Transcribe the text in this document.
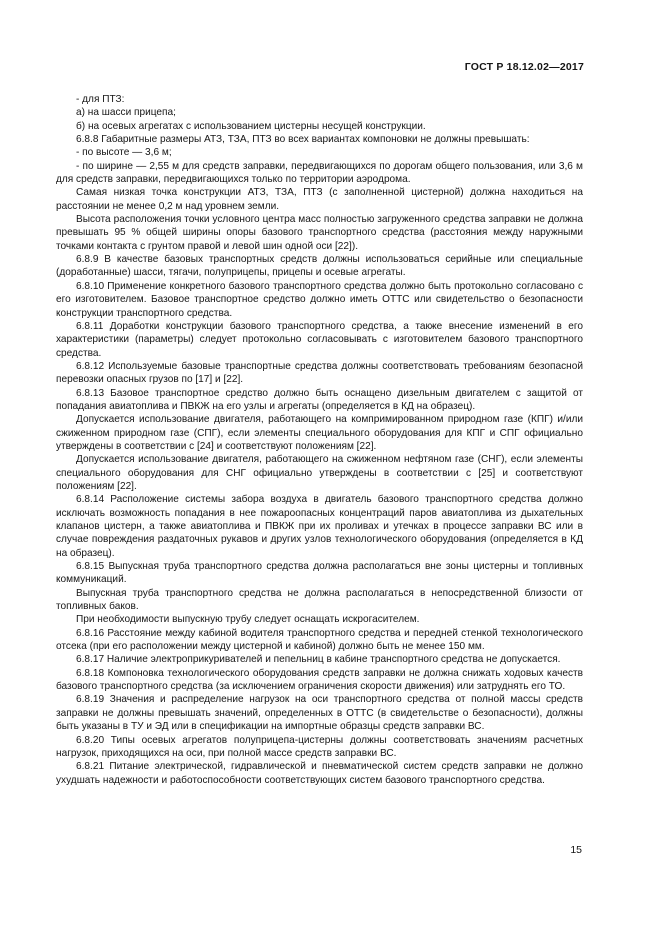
ГОСТ Р 18.12.02—2017

- для ПТЗ:

а) на шасси прицепа;

б) на осевых агрегатах с использованием цистерны несущей конструкции.

6.8.8 Габаритные размеры АТЗ, ТЗА, ПТЗ во всех вариантах компоновки не должны превышать:

- по высоте — 3,6 м;

- по ширине — 2,55 м для средств заправки, передвигающихся по дорогам общего пользования, или 3,6 м для средств заправки, передвигающихся только по территории аэродрома.

Самая низкая точка конструкции АТЗ, ТЗА, ПТЗ (с заполненной цистерной) должна находиться на расстоянии не менее 0,2 м над уровнем земли.

Высота расположения точки условного центра масс полностью загруженного средства заправки не должна превышать 95 % общей ширины опоры базового транспортного средства (расстояния между наружными точками контакта с грунтом правой и левой шин одной оси [22]).

6.8.9 В качестве базовых транспортных средств должны использоваться серийные или специальные (доработанные) шасси, тягачи, полуприцепы, прицепы и осевые агрегаты.

6.8.10 Применение конкретного базового транспортного средства должно быть протокольно согласовано с его изготовителем. Базовое транспортное средство должно иметь ОТТС или свидетельство о безопасности конструкции транспортного средства.

6.8.11 Доработки конструкции базового транспортного средства, а также внесение изменений в его характеристики (параметры) следует протокольно согласовывать с изготовителем базового транспортного средства.

6.8.12 Используемые базовые транспортные средства должны соответствовать требованиям безопасной перевозки опасных грузов по [17] и [22].

6.8.13 Базовое транспортное средство должно быть оснащено дизельным двигателем с защитой от попадания авиатоплива и ПВКЖ на его узлы и агрегаты (определяется в КД на образец).

Допускается использование двигателя, работающего на компримированном природном газе (КПГ) и/или сжиженном природном газе (СПГ), если элементы специального оборудования для КПГ и СПГ официально утверждены в соответствии с [24] и соответствуют положениям [22].

Допускается использование двигателя, работающего на сжиженном нефтяном газе (СНГ), если элементы специального оборудования для СНГ официально утверждены в соответствии с [25] и соответствуют положениям [22].

6.8.14 Расположение системы забора воздуха в двигатель базового транспортного средства должно исключать возможность попадания в нее пожароопасных концентраций паров авиатоплива из дыхательных клапанов цистерн, а также авиатоплива и ПВКЖ при их проливах и утечках в процессе заправки ВС или в случае повреждения раздаточных рукавов и других узлов технологического оборудования (определяется в КД на образец).

6.8.15 Выпускная труба транспортного средства должна располагаться вне зоны цистерны и топливных коммуникаций.

Выпускная труба транспортного средства не должна располагаться в непосредственной близости от топливных баков.

При необходимости выпускную трубу следует оснащать искрогасителем.

6.8.16 Расстояние между кабиной водителя транспортного средства и передней стенкой технологического отсека (при его расположении между цистерной и кабиной) должно быть не менее 150 мм.

6.8.17 Наличие электроприкуривателей и пепельниц в кабине транспортного средства не допускается.

6.8.18 Компоновка технологического оборудования средств заправки не должна снижать ходовых качеств базового транспортного средства (за исключением ограничения скорости движения) или затруднять его ТО.

6.8.19 Значения и распределение нагрузок на оси транспортного средства от полной массы средств заправки не должны превышать значений, определенных в ОТТС (в свидетельстве о безопасности), должны быть указаны в ТУ и ЭД или в спецификации на импортные образцы средств заправки ВС.

6.8.20 Типы осевых агрегатов полуприцепа-цистерны должны соответствовать значениям расчетных нагрузок, приходящихся на оси, при полной массе средств заправки ВС.

6.8.21 Питание электрической, гидравлической и пневматической систем средств заправки не должно ухудшать надежности и работоспособности соответствующих систем базового транспортного средства.

15
